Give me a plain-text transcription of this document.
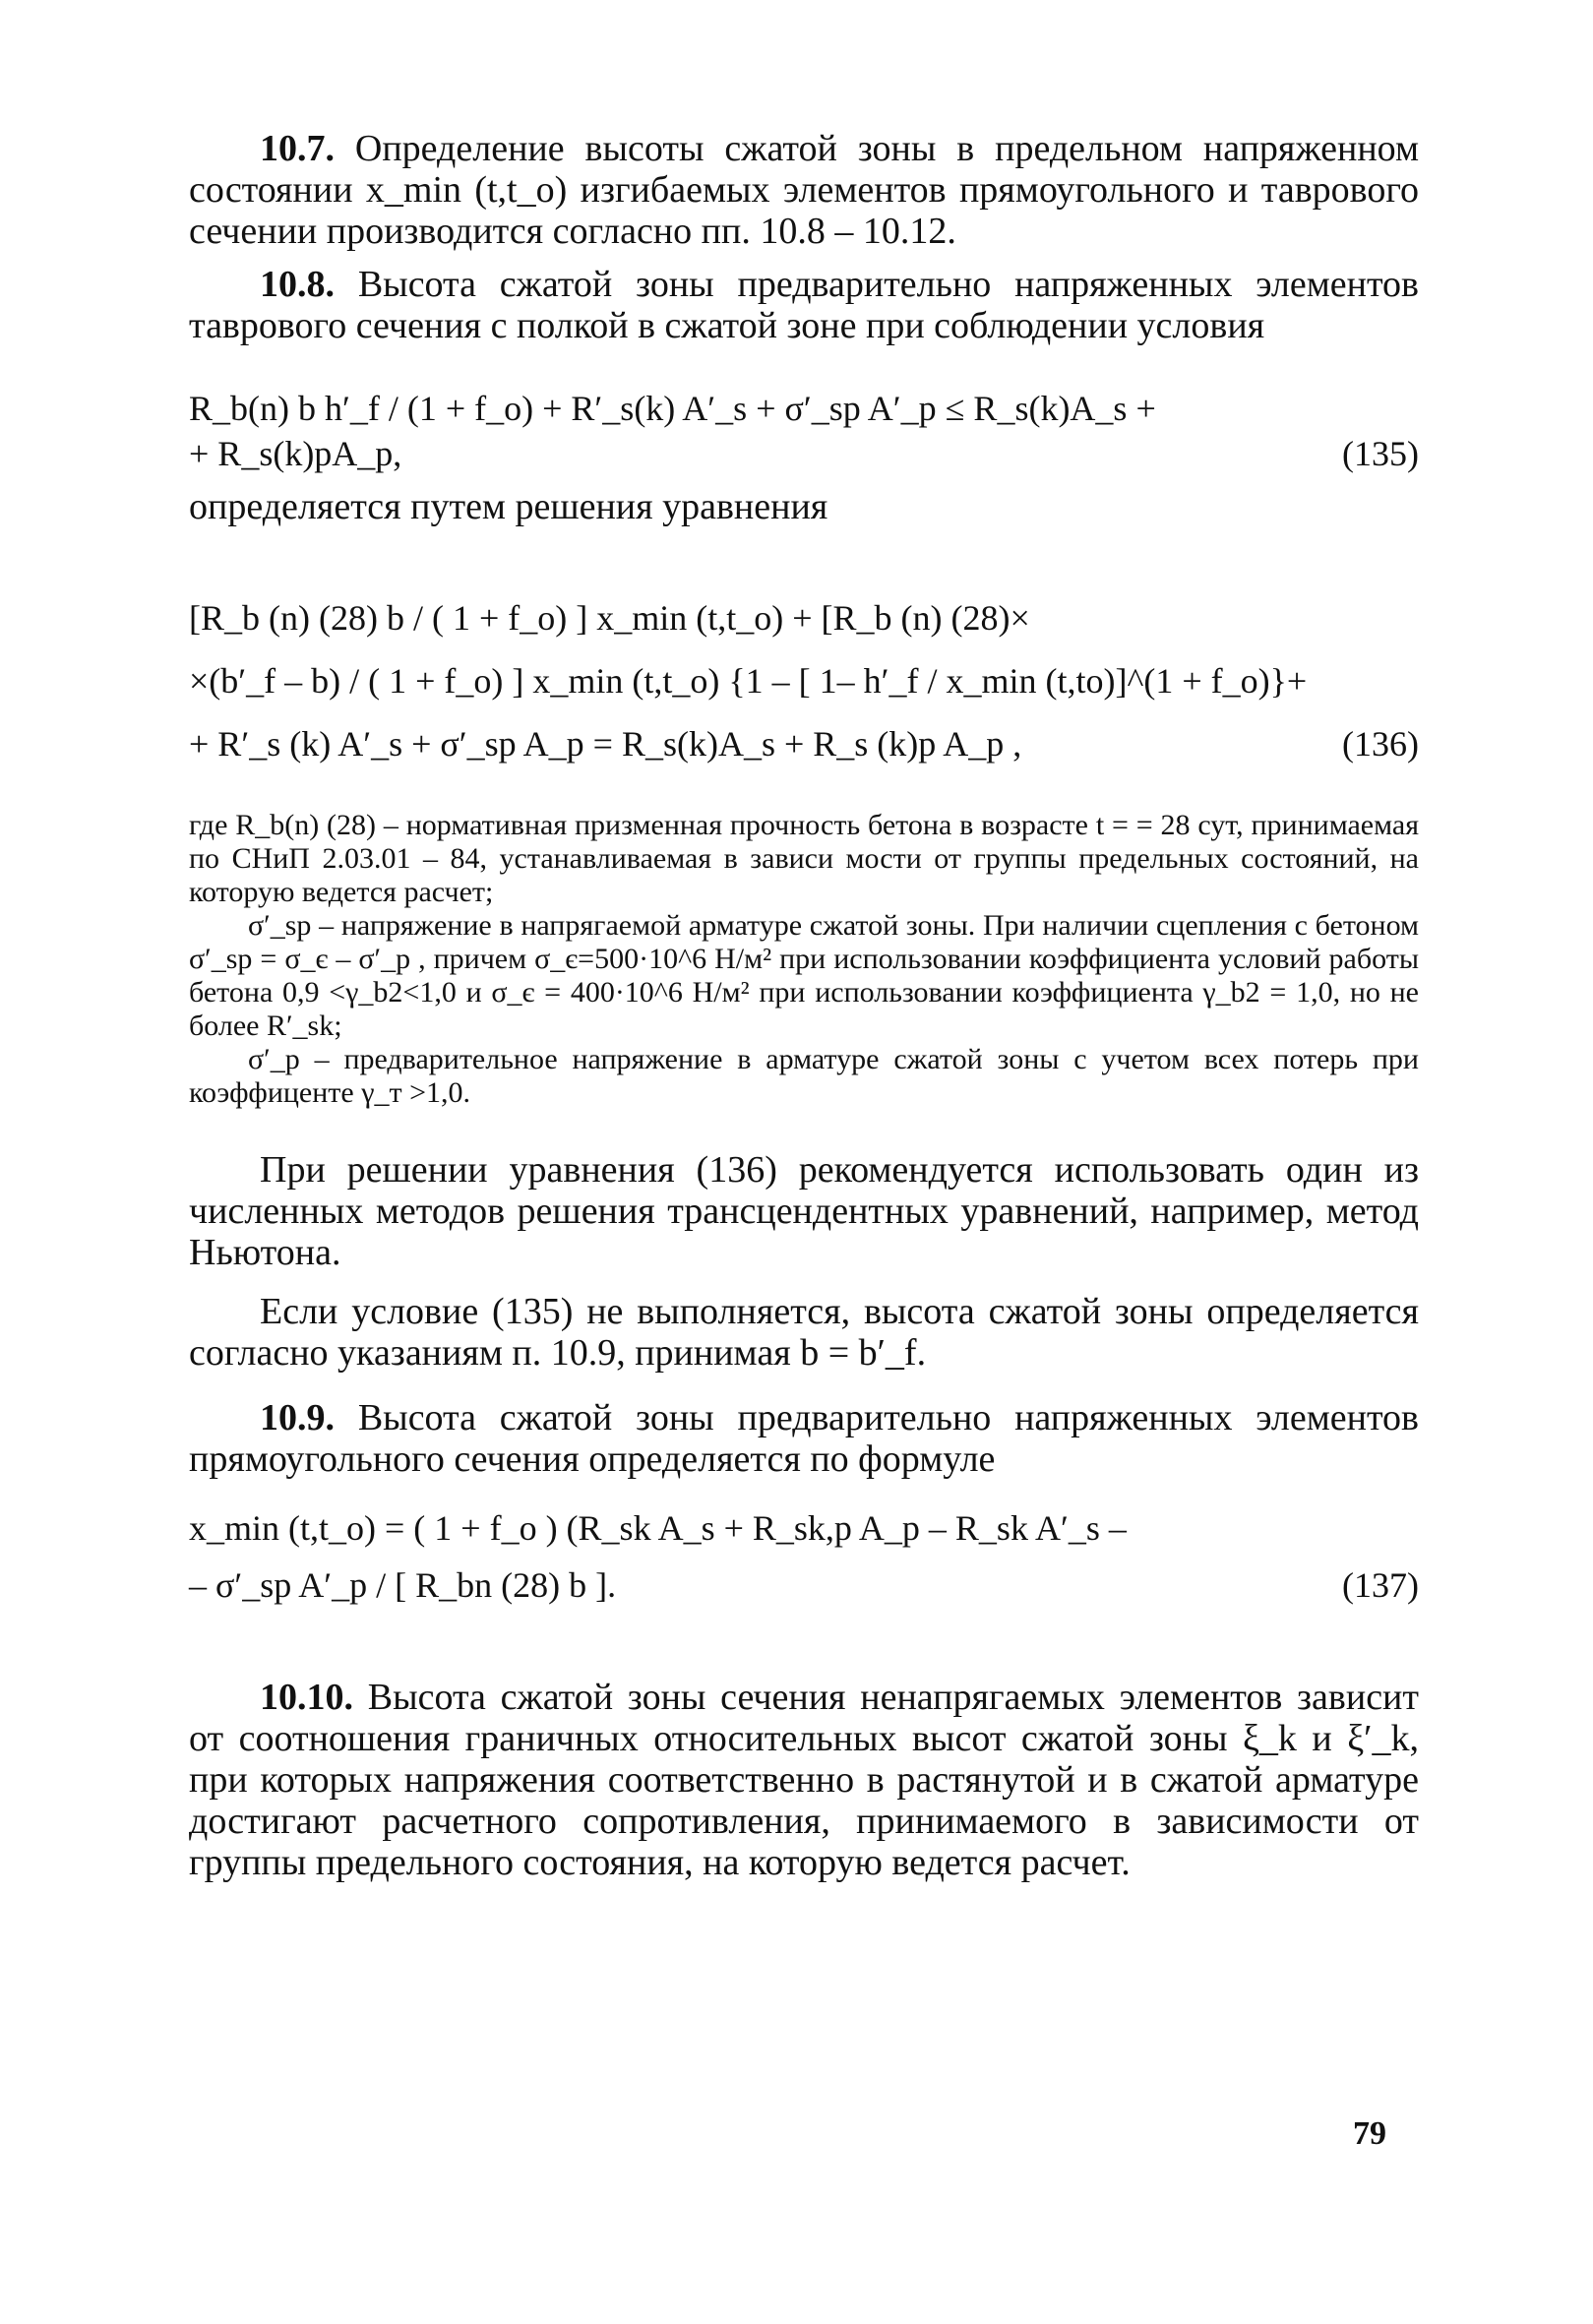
10.7. Определение высоты сжатой зоны в предельном напряженном состоянии x_min (t,t_o) изгибаемых элементов прямоугольного и таврового сечении производится согласно пп. 10.8 – 10.12.

10.8. Высота сжатой зоны предварительно напряженных элементов таврового сечения с полкой в сжатой зоне при соблюдении условия

R_b(n) b h′_f / (1 + f_o) + R′_s(k) A′_s + σ′_sp A′_p ≤ R_s(k)A_s +
+ R_s(k)pA_p,	(135)

определяется путем решения уравнения

[R_b (n) (28) b / ( 1 + f_o) ] x_min (t,t_o) + [R_b (n) (28)×
×(b′_f – b) / ( 1 + f_o) ] x_min (t,t_o) {1 – [ 1– h′_f / x_min (t,to)]^(1 + f_o)}+
+ R′_s (k) A′_s + σ′_sp A_p = R_s(k)A_s + R_s (k)p A_p ,	(136)

где R_b(n) (28) – нормативная призменная прочность бетона в возрасте t = = 28 сут, принимаемая по СНиП 2.03.01 – 84, устанавливаемая в зависи мости от группы предельных состояний, на которую ведется расчет;

σ′_sp – напряжение в напрягаемой арматуре сжатой зоны. При наличии сцепления с бетоном σ′_sp = σ_є – σ′_p , причем σ_є=500·10^6 Н/м² при использовании коэффициента условий работы бетона 0,9 <γ_b2<1,0 и σ_є = 400·10^6 Н/м² при использовании коэффициента γ_b2 = 1,0, но не более R′_sk;

σ′_p – предварительное напряжение в арматуре сжатой зоны с учетом всех потерь при коэффиценте γ_т >1,0.

При решении уравнения (136) рекомендуется использовать один из численных методов решения трансцендентных уравнений, например, метод Ньютона.

Если условие (135) не выполняется, высота сжатой зоны определяется согласно указаниям п. 10.9, принимая b = b′_f.

10.9. Высота сжатой зоны предварительно напряженных элементов прямоугольного сечения определяется по формуле

x_min (t,t_o) = ( 1 + f_o ) (R_sk A_s + R_sk,p A_p – R_sk A′_s –
– σ′_sp A′_p / [ R_bn (28) b ].	(137)

10.10. Высота сжатой зоны сечения ненапрягаемых элементов зависит от соотношения граничных относительных высот сжатой зоны ξ_k и ξ′_k, при которых напряжения соответственно в растянутой и в сжатой арматуре достигают расчетного сопротивления, принимаемого в зависимости от группы предельного состояния, на которую ведется расчет.

79
